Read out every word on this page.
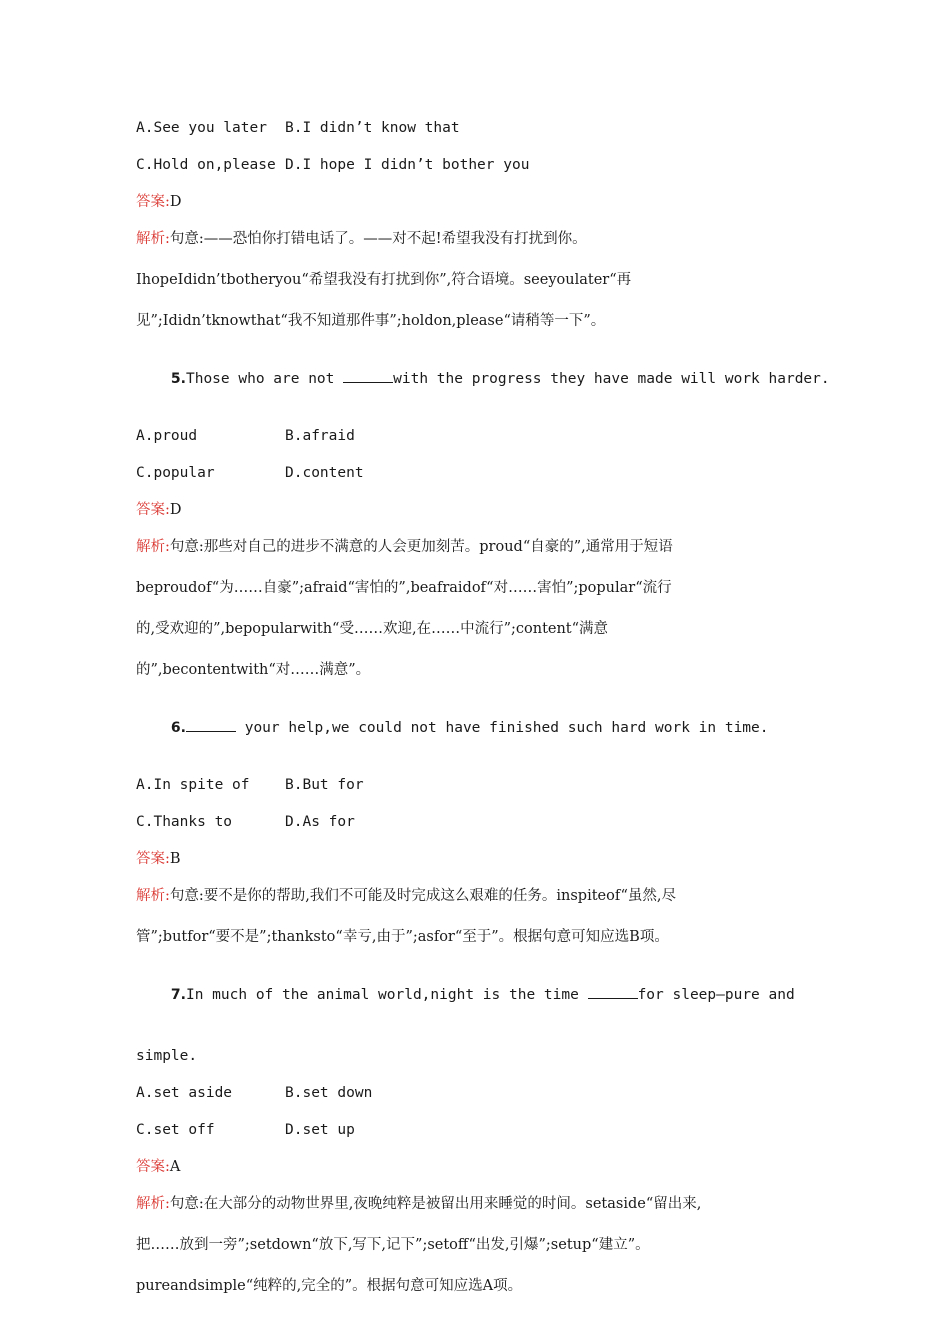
A.See you later	B.I didn’t know that
C.Hold on,please D.I hope I didn’t bother you
答案:D
解析:句意:——恐怕你打错电话了。——对不起!希望我没有打扰到你。
IhopeIdidn’tbotheryou“希望我没有打扰到你”,符合语境。seeyoulater“再
见”;Ididn’tknowthat“我不知道那件事”;holdon,please“请稍等一下”。

5.Those who are not	with the progress they have made will work harder.

A.proud	B.afraid
C.popular	D.content
答案:D
解析:句意:那些对自己的进步不满意的人会更加刻苦。proud“自豪的”,通常用于短语
beproudof“为……自豪”;afraid“害怕的”,beafraidof“对……害怕”;popular“流行
的,受欢迎的”,bepopularwith“受……欢迎,在……中流行”;content“满意
的”,becontentwith“对……满意”。

6.	your help,we could not have finished such hard work in time.

A.In spite of	B.But for
C.Thanks to	D.As for
答案:B
解析:句意:要不是你的帮助,我们不可能及时完成这么艰难的任务。inspiteof“虽然,尽
管”;butfor“要不是”;thanksto“幸亏,由于”;asfor“至于”。根据句意可知应选B项。

7.In much of the animal world,night is the time	for sleep—pure and

simple.
A.set aside	B.set down
C.set off	D.set up
答案:A
解析:句意:在大部分的动物世界里,夜晚纯粹是被留出用来睡觉的时间。setaside“留出来,
把……放到一旁”;setdown“放下,写下,记下”;setoff“出发,引爆”;setup“建立”。
pureandsimple“纯粹的,完全的”。根据句意可知应选A项。
